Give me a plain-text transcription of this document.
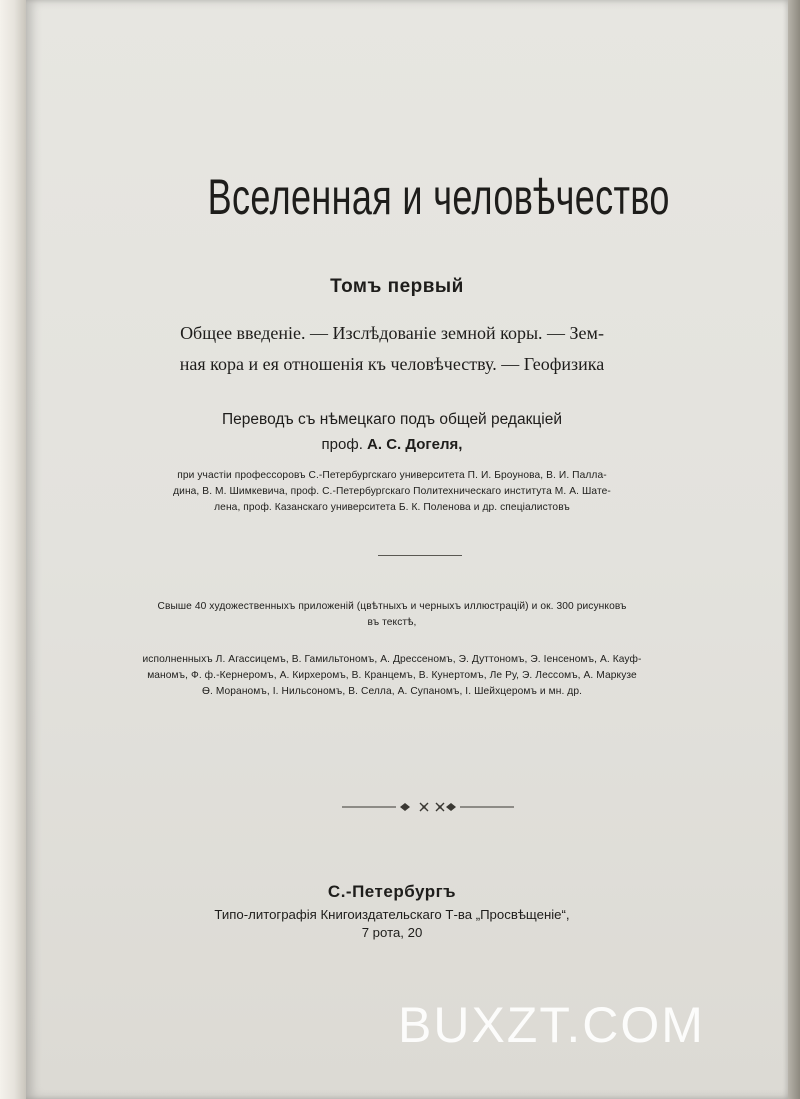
Вселенная и человѣчество
Томъ первый
Общее введеніе. — Изслѣдованіе земной коры. — Зем-
ная кора и ея отношенія къ человѣчеству. — Геофизика
Переводъ съ нѣмецкаго подъ общей редакціей
проф. А. С. Догеля,
при участіи профессоровъ С.-Петербургскаго университета П. И. Броунова, В. И. Палла-
дина, В. М. Шимкевича, проф. С.-Петербургскаго Политехническаго института М. А. Шате-
лена, проф. Казанскаго университета Б. К. Поленова и др. спеціалистовъ
Свыше 40 художественныхъ приложеній (цвѣтныхъ и черныхъ иллюстрацій) и ок. 300 рисунковъ
въ текстѣ,
исполненныхъ Л. Агассицемъ, В. Гамильтономъ, А. Дрессеномъ, Э. Дуттономъ, Э. Іенсеномъ, А. Кауф-
маномъ, Ф. ф.-Кернеромъ, А. Кирхеромъ, В. Кранцемъ, В. Кунертомъ, Ле Ру, Э. Лессомъ, А. Маркузе
Ѳ. Мораномъ, І. Нильсономъ, В. Селла, А. Супаномъ, І. Шейхцеромъ и мн. др.
С.-Петербургъ
Типо-литографія Книгоиздательскаго Т-ва „Просвѣщеніе“,
7 рота, 20
BUXZT.COM
